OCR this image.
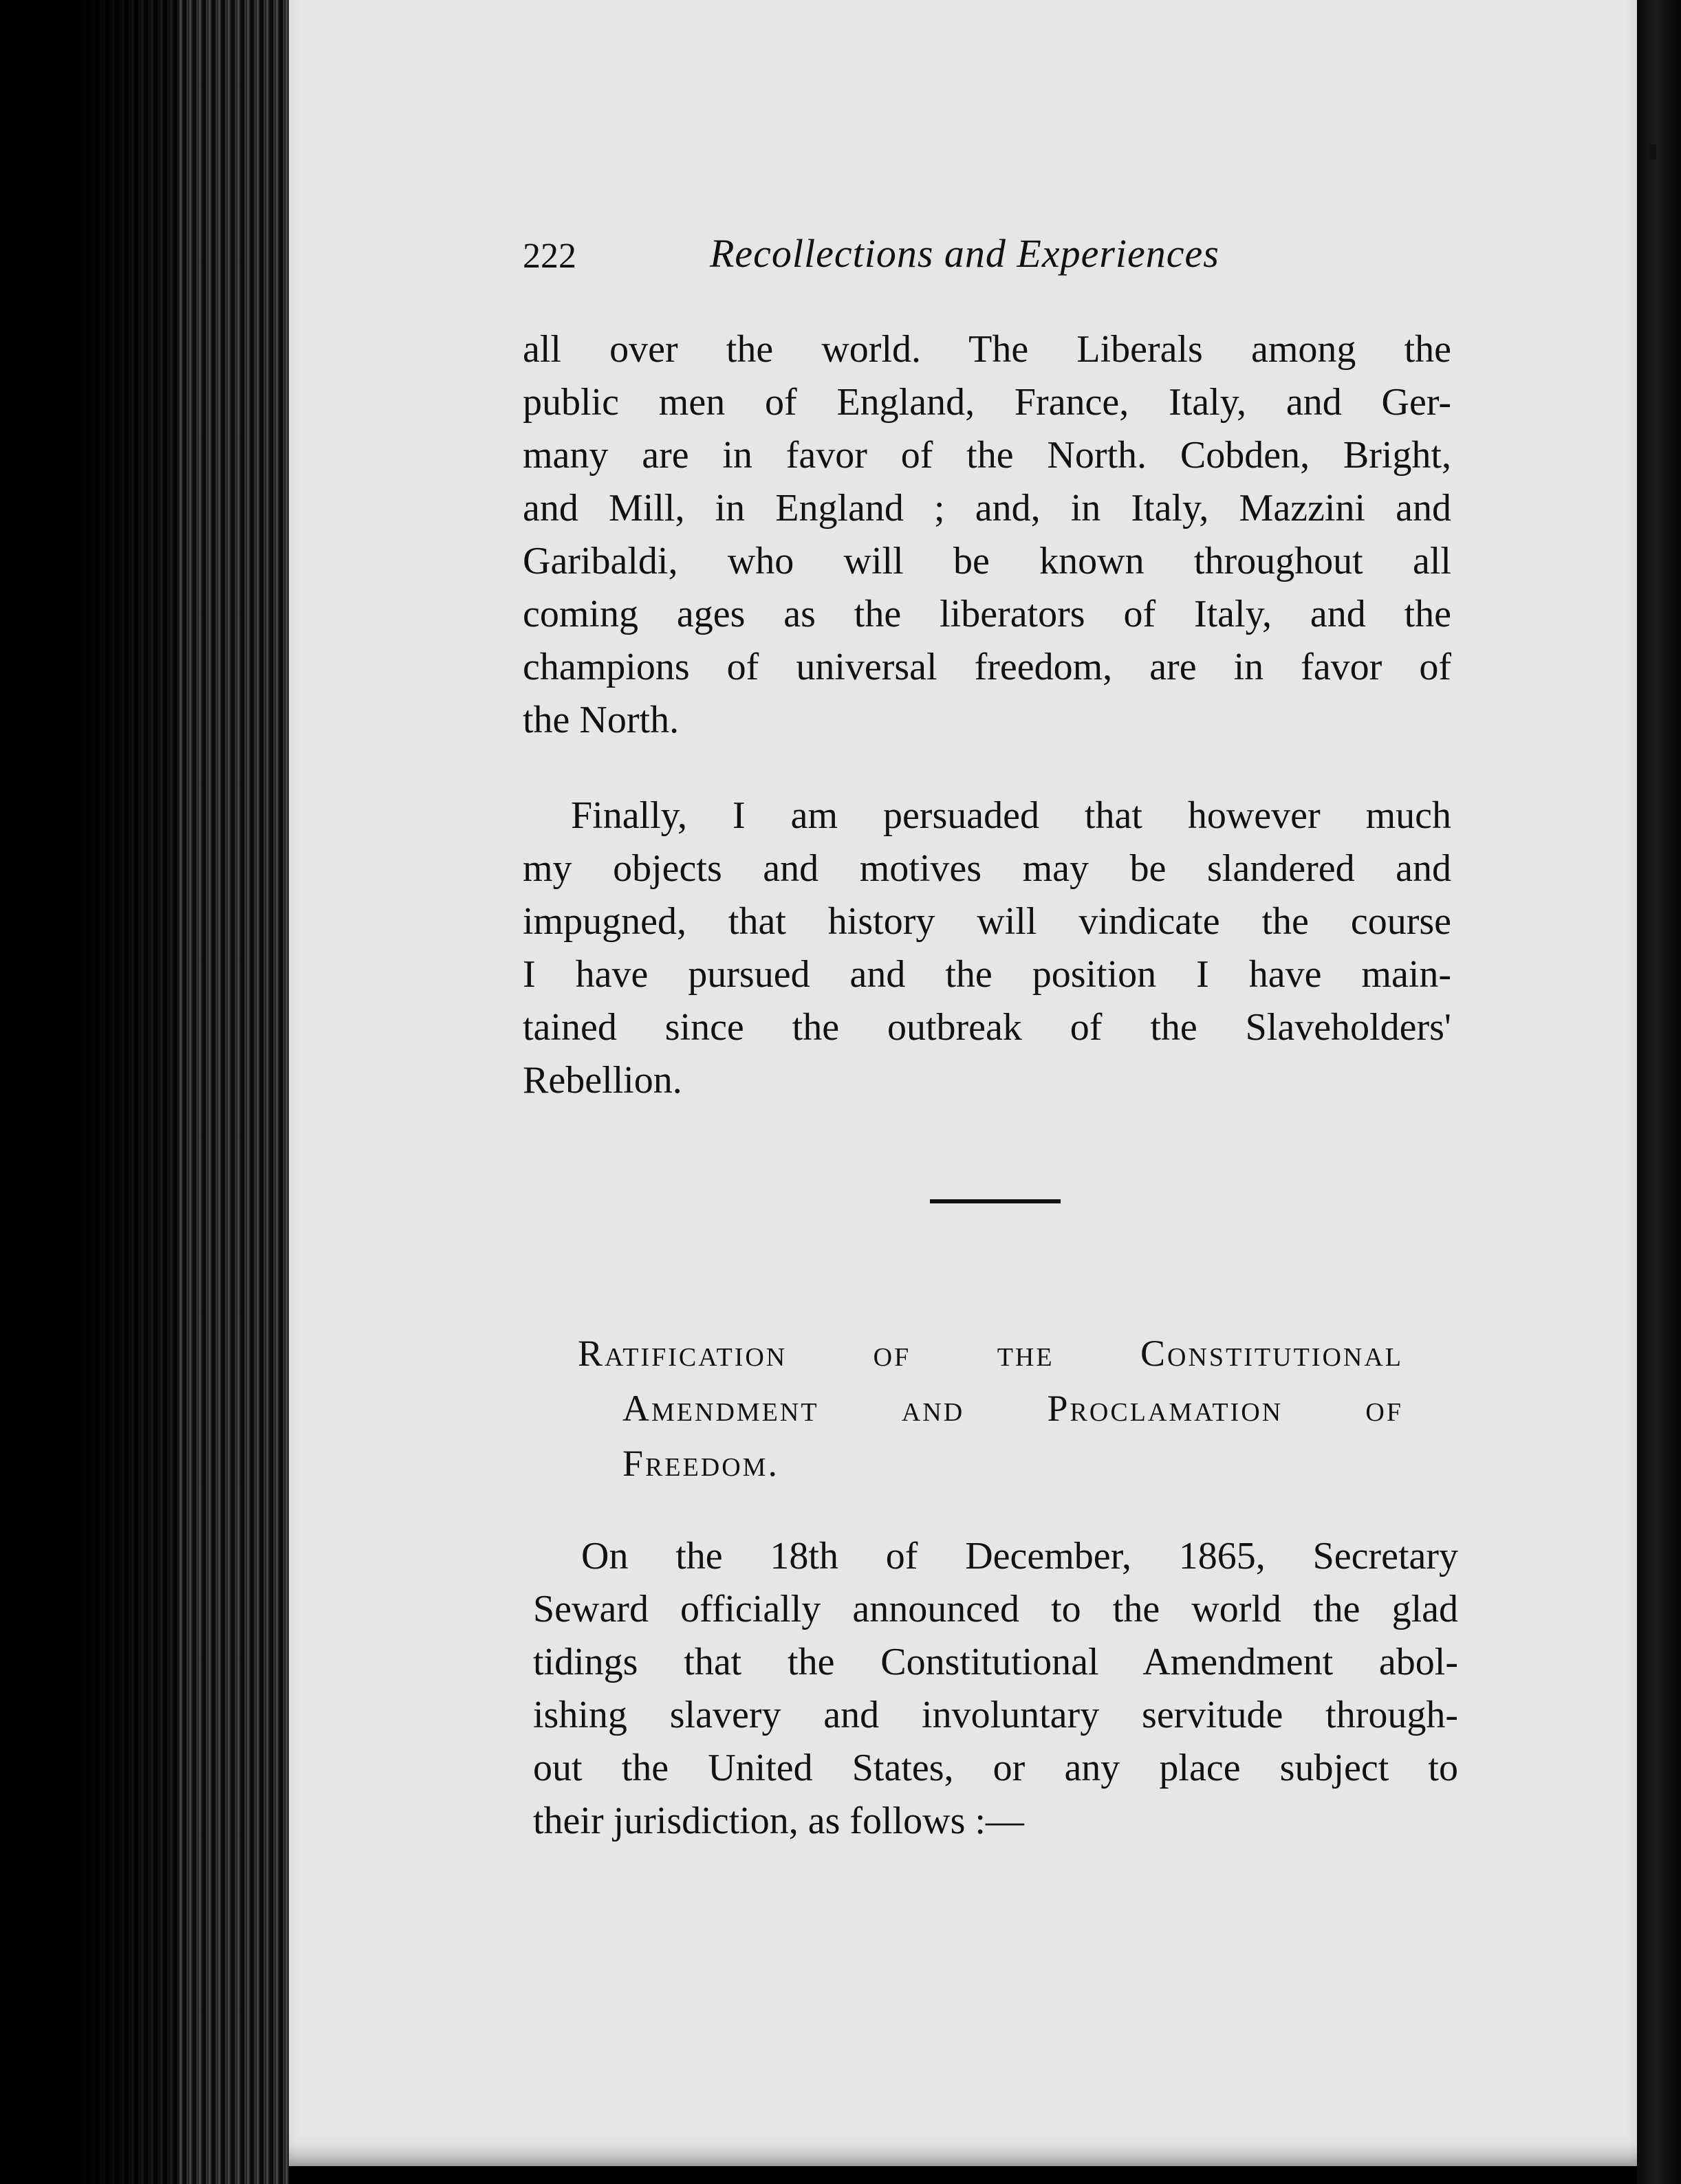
222	Recollections and Experiences
all over the world. The Liberals among the
public men of England, France, Italy, and Ger-
many are in favor of the North. Cobden, Bright,
and Mill, in England ; and, in Italy, Mazzini and
Garibaldi, who will be known throughout all
coming ages as the liberators of Italy, and the
champions of universal freedom, are in favor of
the North.
Finally, I am persuaded that however much
my objects and motives may be slandered and
impugned, that history will vindicate the course
I have pursued and the position I have main-
tained since the outbreak of the Slaveholders'
Rebellion.
Ratification of the Constitutional
Amendment and Proclamation of
Freedom.
On the 18th of December, 1865, Secretary
Seward officially announced to the world the glad
tidings that the Constitutional Amendment abol-
ishing slavery and involuntary servitude through-
out the United States, or any place subject to
their jurisdiction, as follows :—
